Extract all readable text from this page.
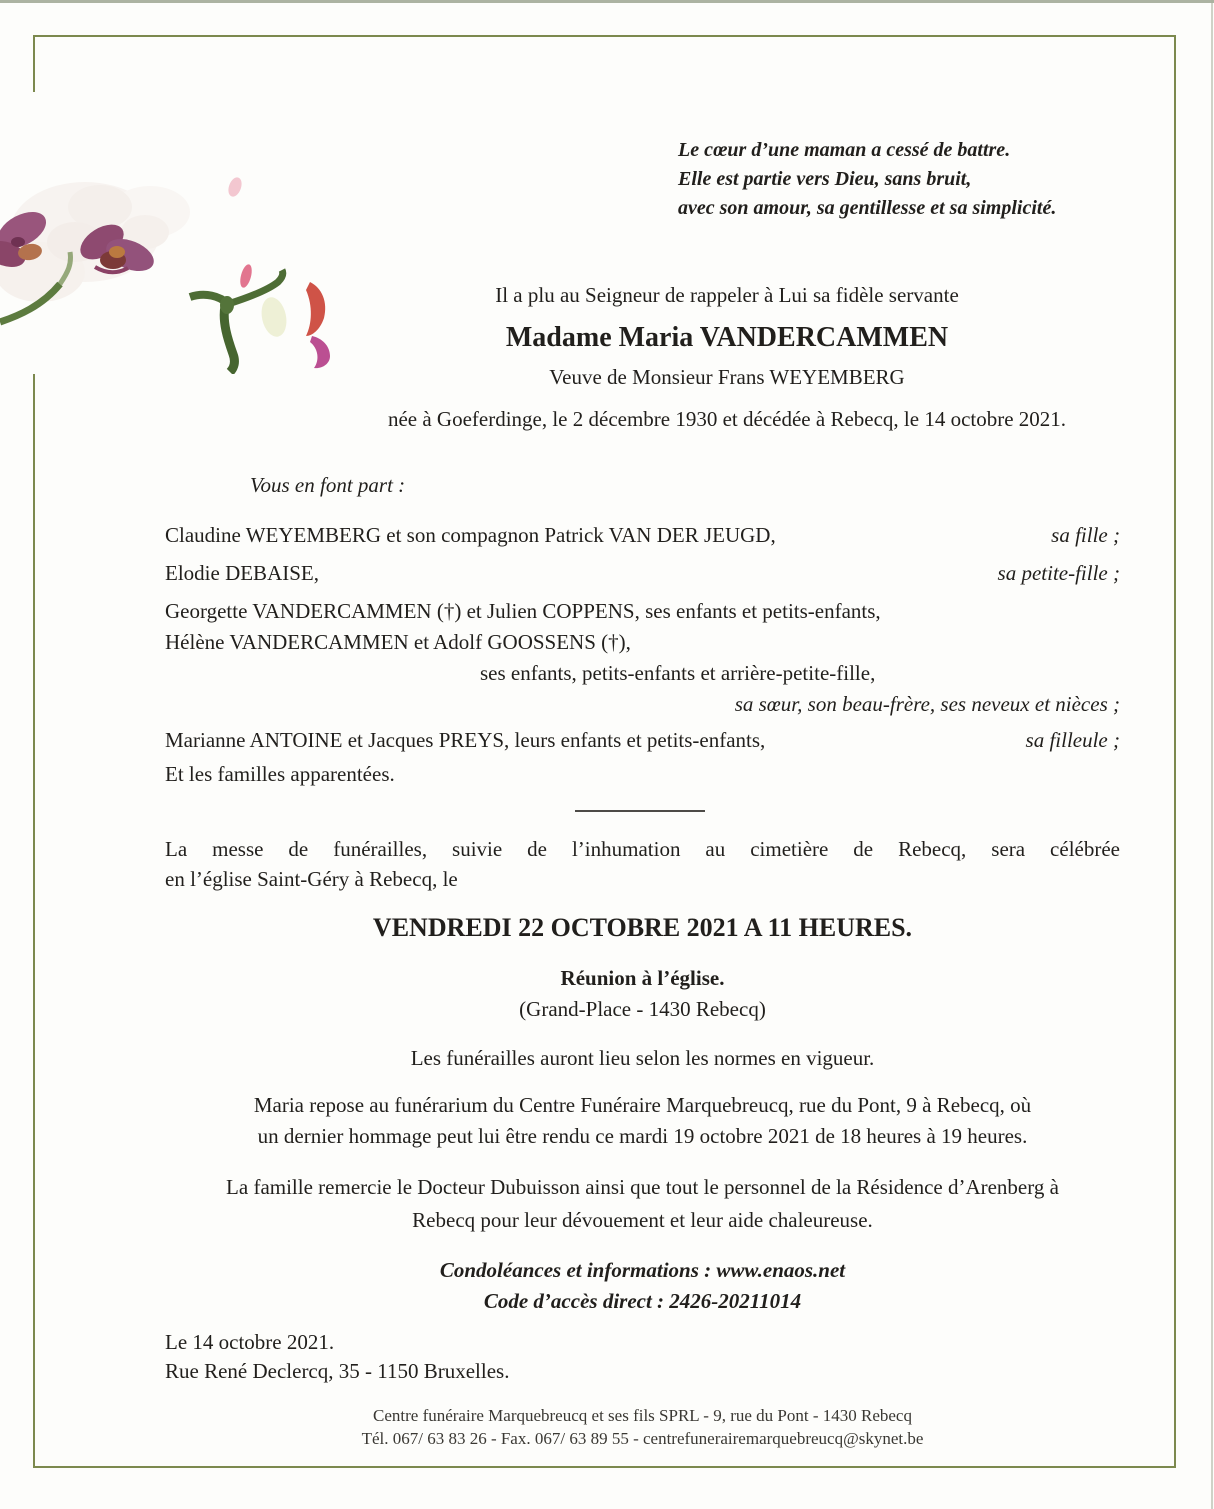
Le cœur d’une maman a cessé de battre.
Elle est partie vers Dieu, sans bruit,
avec son amour, sa gentillesse et sa simplicité.
Il a plu au Seigneur de rappeler à Lui sa fidèle servante
Madame Maria VANDERCAMMEN
Veuve de Monsieur Frans WEYEMBERG
née à Goeferdinge, le 2 décembre 1930 et décédée à Rebecq, le 14 octobre 2021.
Vous en font part :
Claudine WEYEMBERG et son compagnon Patrick VAN DER JEUGD,	sa fille ;
Elodie DEBAISE,	sa petite-fille ;
Georgette VANDERCAMMEN (†) et Julien COPPENS, ses enfants et petits-enfants,
Hélène VANDERCAMMEN et Adolf GOOSSENS (†),
ses enfants, petits-enfants et arrière-petite-fille,
sa sœur, son beau-frère, ses neveux et nièces ;
Marianne ANTOINE et Jacques PREYS, leurs enfants et petits-enfants,	sa filleule ;
Et les familles apparentées.
La messe de funérailles, suivie de l’inhumation au cimetière de Rebecq, sera célébrée
en l’église Saint-Géry à Rebecq, le
VENDREDI 22 OCTOBRE 2021 A 11 HEURES.
Réunion à l’église.
(Grand-Place - 1430 Rebecq)
Les funérailles auront lieu selon les normes en vigueur.
Maria repose au funérarium du Centre Funéraire Marquebreucq, rue du Pont, 9 à Rebecq, où
un dernier hommage peut lui être rendu ce mardi 19 octobre 2021 de 18 heures à 19 heures.
La famille remercie le Docteur Dubuisson ainsi que tout le personnel de la Résidence d’Arenberg à
Rebecq pour leur dévouement et leur aide chaleureuse.
Condoléances et informations : www.enaos.net
Code d’accès direct : 2426-20211014
Le 14 octobre 2021.
Rue René Declercq, 35 - 1150 Bruxelles.
Centre funéraire Marquebreucq et ses fils SPRL - 9, rue du Pont - 1430 Rebecq
Tél. 067/ 63 83 26 - Fax. 067/ 63 89 55 - centrefunerairemarquebreucq@skynet.be
